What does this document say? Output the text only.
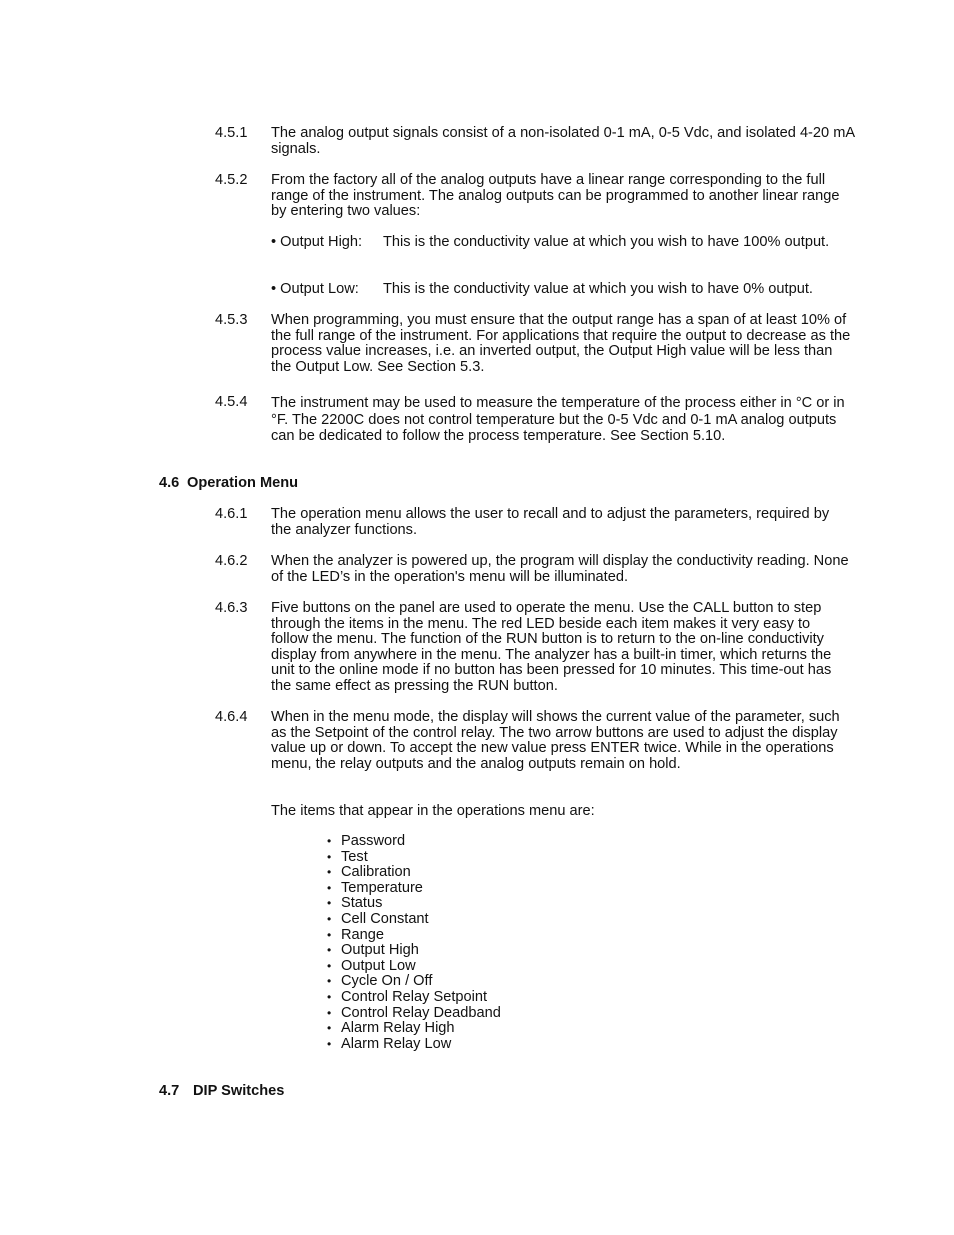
4.5.1 The analog output signals consist of a non-isolated 0-1 mA, 0-5 Vdc, and isolated 4-20 mA signals.
4.5.2 From the factory all of the analog outputs have a linear range corresponding to the full range of the instrument. The analog outputs can be programmed to another linear range by entering two values:
• Output High: This is the conductivity value at which you wish to have 100% output.
• Output Low: This is the conductivity value at which you wish to have 0% output.
4.5.3 When programming, you must ensure that the output range has a span of at least 10% of the full range of the instrument. For applications that require the output to decrease as the process value increases, i.e. an inverted output, the Output High value will be less than the Output Low. See Section 5.3.
4.5.4 The instrument may be used to measure the temperature of the process either in °C or in °F. The 2200C does not control temperature but the 0-5 Vdc and 0-1 mA analog outputs can be dedicated to follow the process temperature. See Section 5.10.
4.6 Operation Menu
4.6.1 The operation menu allows the user to recall and to adjust the parameters, required by the analyzer functions.
4.6.2 When the analyzer is powered up, the program will display the conductivity reading. None of the LED’s in the operation's menu will be illuminated.
4.6.3 Five buttons on the panel are used to operate the menu. Use the CALL button to step through the items in the menu. The red LED beside each item makes it very easy to follow the menu. The function of the RUN button is to return to the on-line conductivity display from anywhere in the menu. The analyzer has a built-in timer, which returns the unit to the online mode if no button has been pressed for 10 minutes. This time-out has the same effect as pressing the RUN button.
4.6.4 When in the menu mode, the display will shows the current value of the parameter, such as the Setpoint of the control relay. The two arrow buttons are used to adjust the display value up or down. To accept the new value press ENTER twice. While in the operations menu, the relay outputs and the analog outputs remain on hold.
The items that appear in the operations menu are:
• Password
• Test
• Calibration
• Temperature
• Status
• Cell Constant
• Range
• Output High
• Output Low
• Cycle On / Off
• Control Relay Setpoint
• Control Relay Deadband
• Alarm Relay High
• Alarm Relay Low
4.7 DIP Switches
